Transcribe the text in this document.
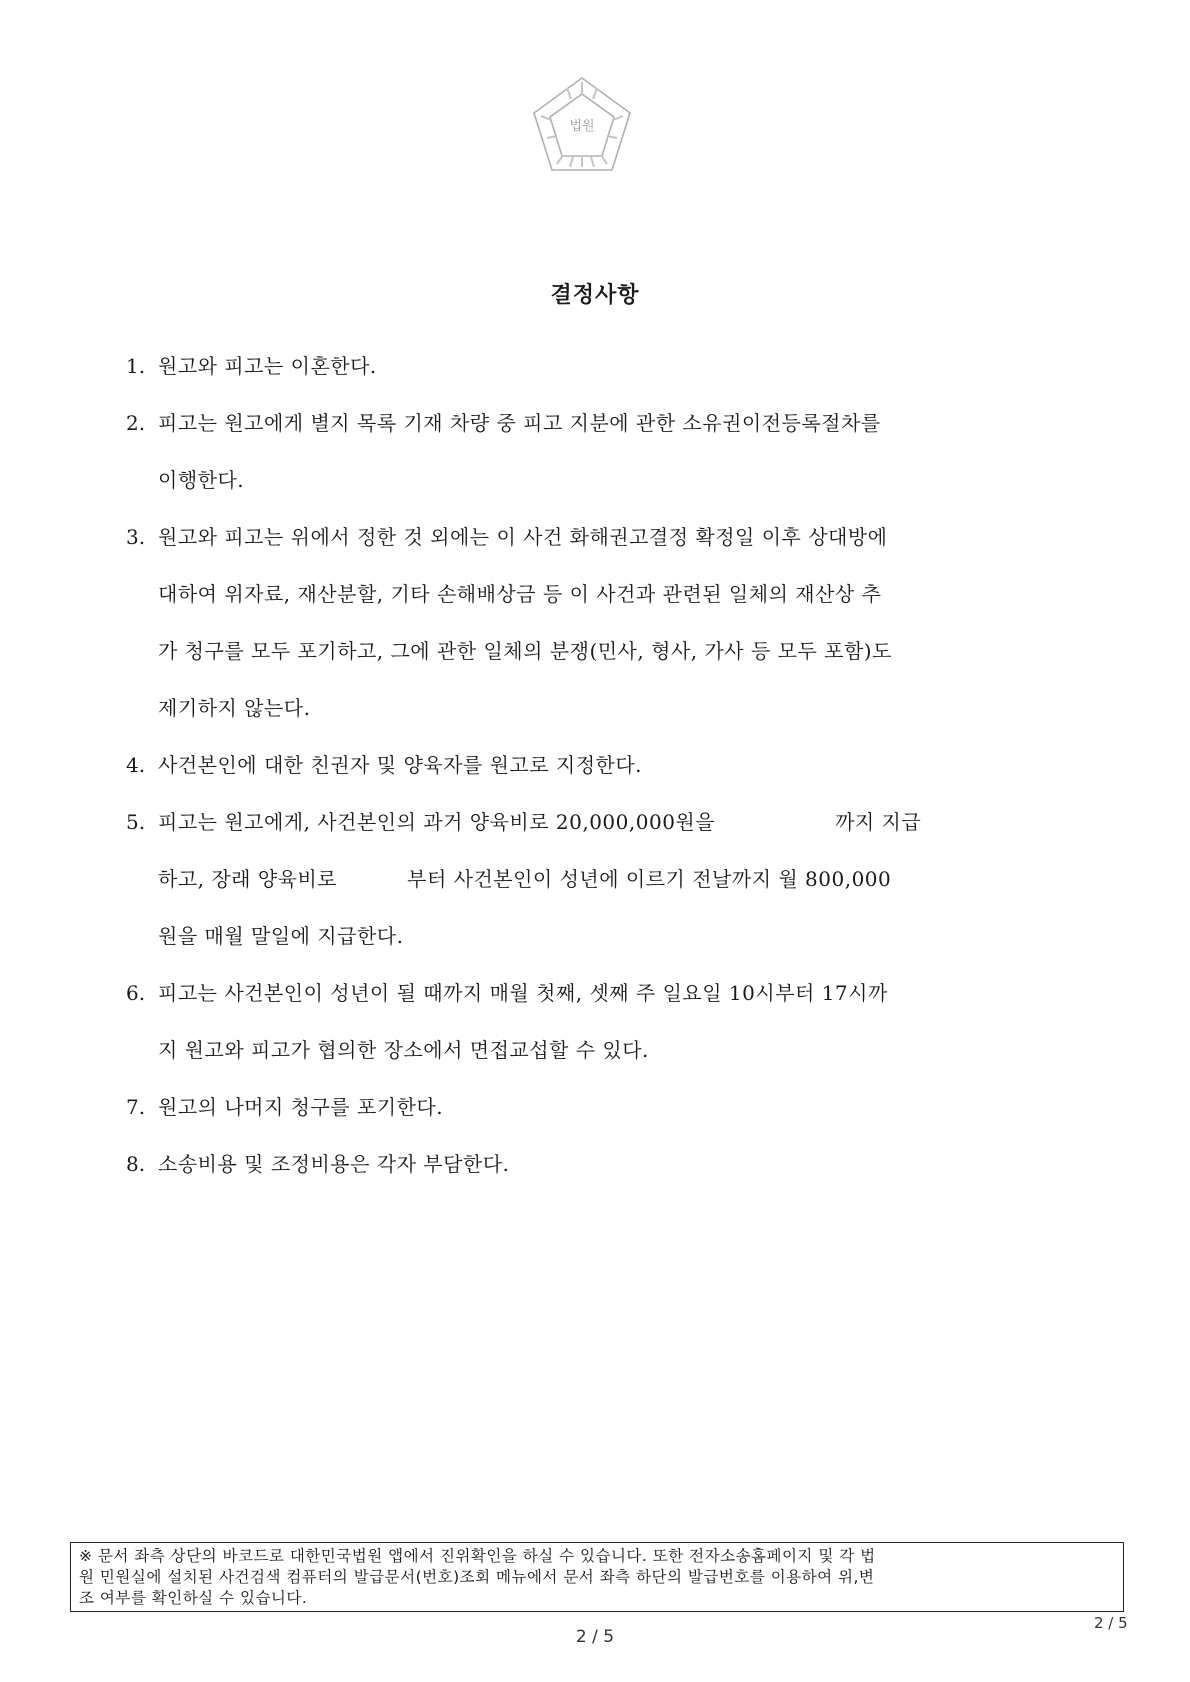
법원
결정사항
1. 원고와 피고는 이혼한다.
2. 피고는 원고에게 별지 목록 기재 차량 중 피고 지분에 관한 소유권이전등록절차를
이행한다.
3. 원고와 피고는 위에서 정한 것 외에는 이 사건 화해권고결정 확정일 이후 상대방에
대하여 위자료, 재산분할, 기타 손해배상금 등 이 사건과 관련된 일체의 재산상 추
가 청구를 모두 포기하고, 그에 관한 일체의 분쟁(민사, 형사, 가사 등 모두 포함)도
제기하지 않는다.
4. 사건본인에 대한 친권자 및 양육자를 원고로 지정한다.
5. 피고는 원고에게, 사건본인의 과거 양육비로 20,000,000원을	까지 지급
하고, 장래 양육비로	부터 사건본인이 성년에 이르기 전날까지 월 800,000
원을 매월 말일에 지급한다.
6. 피고는 사건본인이 성년이 될 때까지 매월 첫째, 셋째 주 일요일 10시부터 17시까
지 원고와 피고가 협의한 장소에서 면접교섭할 수 있다.
7. 원고의 나머지 청구를 포기한다.
8. 소송비용 및 조정비용은 각자 부담한다.
※ 문서 좌측 상단의 바코드로 대한민국법원 앱에서 진위확인을 하실 수 있습니다. 또한 전자소송홈페이지 및 각 법
원 민원실에 설치된 사건검색 컴퓨터의 발급문서(번호)조회 메뉴에서 문서 좌측 하단의 발급번호를 이용하여 위,변
조 여부를 확인하실 수 있습니다.
2 / 5
2 / 5
